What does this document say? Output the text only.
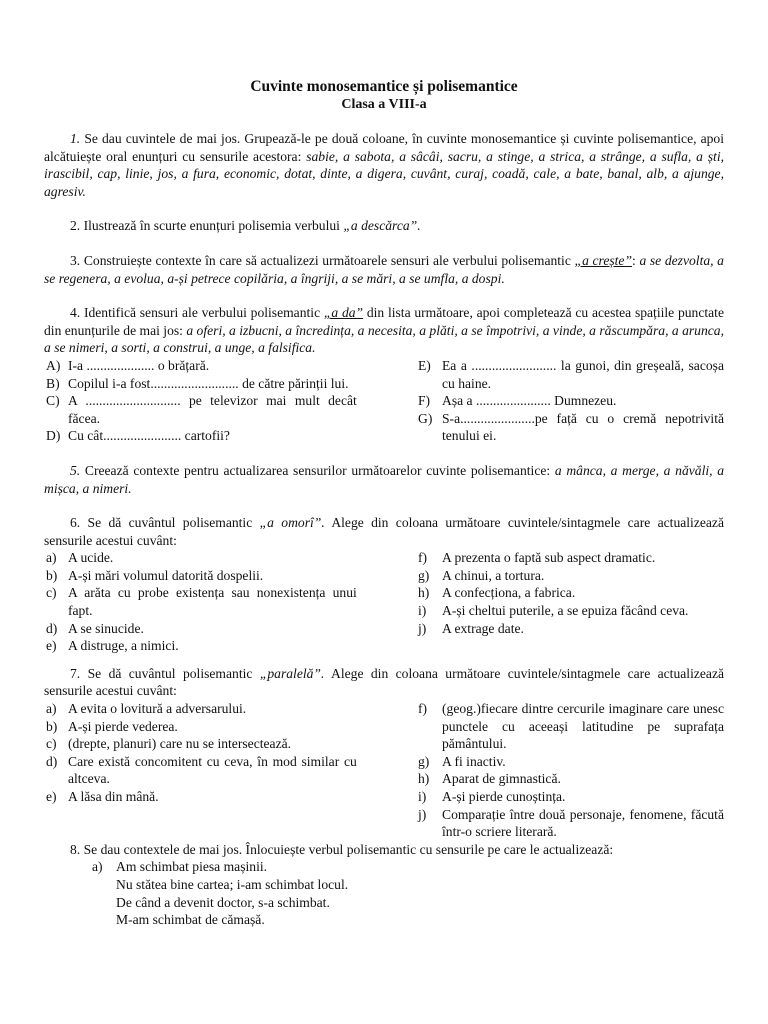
Cuvinte monosemantice și polisemantice
Clasa a VIII-a

1. Se dau cuvintele de mai jos. Grupează-le pe două coloane, în cuvinte monosemantice și cuvinte polisemantice, apoi alcătuiește oral enunțuri cu sensurile acestora: sabie, a sabota, a sâcâi, sacru, a stinge, a strica, a strânge, a sufla, a ști, irascibil, cap, linie, jos, a fura, economic, dotat, dinte, a digera, cuvânt, curaj, coadă, cale, a bate, banal, alb, a ajunge, agresiv.

2. Ilustrează în scurte enunțuri polisemia verbului „a descărca”.

3. Construiește contexte în care să actualizezi următoarele sensuri ale verbului polisemantic „a crește”: a se dezvolta, a se regenera, a evolua, a-și petrece copilăria, a îngriji, a se mări, a se umfla, a dospi.

4. Identifică sensuri ale verbului polisemantic „a da” din lista următoare, apoi completează cu acestea spațiile punctate din enunțurile de mai jos: a oferi, a izbucni, a încredința, a necesita, a plăti, a se împotrivi, a vinde, a răscumpăra, a arunca, a se nimeri, a sorti, a construi, a unge, a falsifica.

A) I-a .................... o brățară.
B) Copilul i-a fost.......................... de către părinții lui.
C) A ............................ pe televizor mai mult decât făcea.
D) Cu cât....................... cartofii?
E) Ea a ......................... la gunoi, din greșeală, sacoșa cu haine.
F) Așa a ...................... Dumnezeu.
G) S-a......................pe față cu o cremă nepotrivită tenului ei.

5. Creează contexte pentru actualizarea sensurilor următoarelor cuvinte polisemantice: a mânca, a merge, a năvăli, a mișca, a nimeri.

6. Se dă cuvântul polisemantic „a omorî”. Alege din coloana următoare cuvintele/sintagmele care actualizează sensurile acestui cuvânt:

a) A ucide.
b) A-și mări volumul datorită dospelii.
c) A arăta cu probe existența sau nonexistența unui fapt.
d) A se sinucide.
e) A distruge, a nimici.
f)	A prezenta o faptă sub aspect dramatic.
g) A chinui, a tortura.
h) A confecționa, a fabrica.
i)	A-și cheltui puterile, a se epuiza făcând ceva.
j)	A extrage date.

7. Se dă cuvântul polisemantic „paralelă”. Alege din coloana următoare cuvintele/sintagmele care actualizează sensurile acestui cuvânt:

a) A evita o lovitură a adversarului.
b) A-și pierde vederea.
c) (drepte, planuri) care nu se intersectează.
d) Care există concomitent cu ceva, în mod similar cu altceva.
e) A lăsa din mână.
f)	(geog.)fiecare dintre cercurile imaginare care unesc punctele cu aceeași latitudine pe suprafața pământului.
g) A fi inactiv.
h) Aparat de gimnastică.
i)	A-și pierde cunoștința.
j)	Comparație între două personaje, fenomene, făcută într-o scriere literară.

8. Se dau contextele de mai jos. Înlocuiește verbul polisemantic cu sensurile pe care le actualizează:

a) Am schimbat piesa mașinii.
Nu stătea bine cartea; i-am schimbat locul.
De când a devenit doctor, s-a schimbat.
M-am schimbat de cămașă.
